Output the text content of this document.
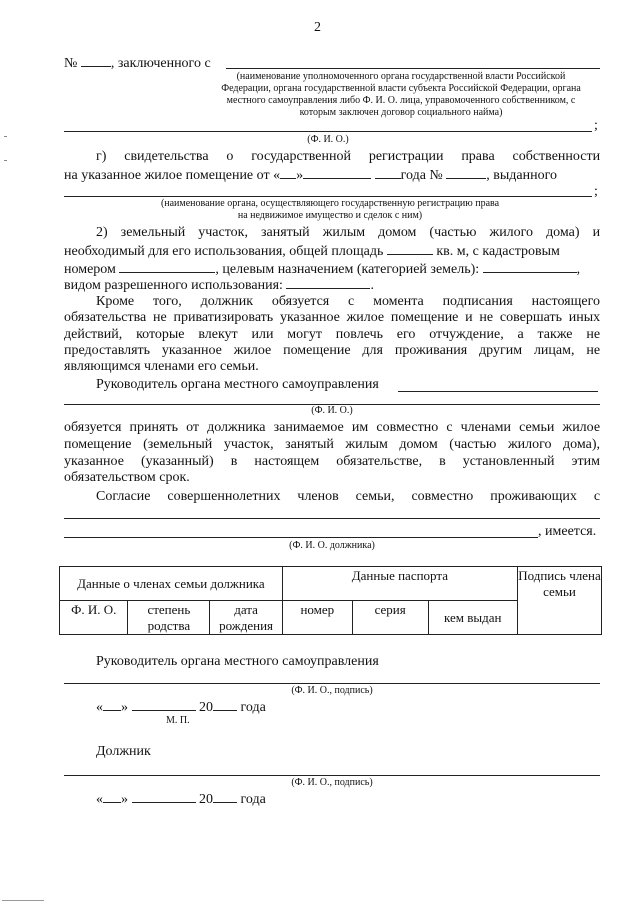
2
№ , заключенного с
(наименование уполномоченного органа государственной власти Российской
Федерации, органа государственной власти субъекта Российской Федерации, органа
местного самоуправления либо Ф. И. О. лица, управомоченного собственником, с
которым заключен договор социального найма)
;
(Ф. И. О.)
г) свидетельства о государственной регистрации права собственности
на указанное жилое помещение от « »	года №	, выданного
;
(наименование органа, осуществляющего государственную регистрацию права
на недвижимое имущество и сделок с ним)
2) земельный участок, занятый жилым домом (частью жилого дома) и
необходимый для его использования, общей площадь	кв. м, с кадастровым
номером	, целевым назначением (категорией земель):	,
видом разрешенного использования:	.
Кроме того, должник обязуется с момента подписания настоящего
обязательства не приватизировать указанное жилое помещение и не совершать иных
действий, которые влекут или могут повлечь его отчуждение, а также не
предоставлять указанное жилое помещение для проживания другим лицам, не
являющимся членами его семьи.
Руководитель органа местного самоуправления
(Ф. И. О.)
обязуется принять от должника занимаемое им совместно с членами семьи жилое
помещение (земельный участок, занятый жилым домом (частью жилого дома),
указанное (указанный) в настоящем обязательстве, в установленный этим
обязательством срок.
Согласие совершеннолетних членов семьи, совместно проживающих с
, имеется.
(Ф. И. О. должника)
Данные о членах семьи должника			Данные паспорта			Подпись члена семьи
Ф. И. О.	степень родства	дата рождения	номер	серия	кем выдан	
Руководитель органа местного самоуправления
(Ф. И. О., подпись)
« »	20 года
М. П.
Должник
(Ф. И. О., подпись)
« »	20 года
